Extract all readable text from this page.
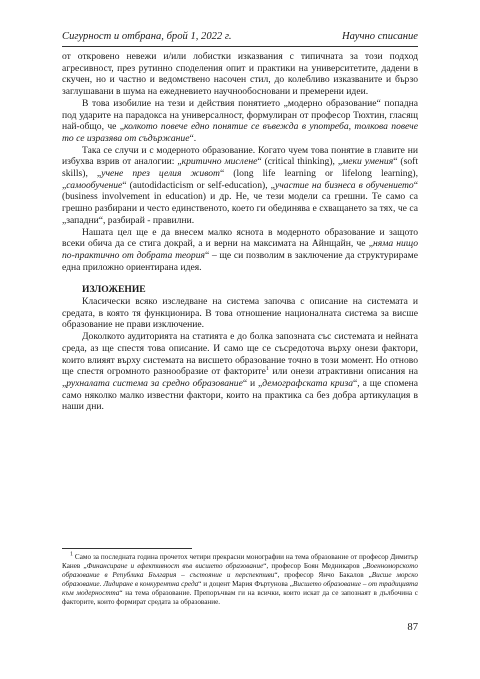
Сигурност и отбрана, брой 1, 2022 г.	Научно списание

от откровено невежи и/или лобистки изказвания с типичната за този подход агресивност, през рутинно споделения опит и практики на университетите, дадени в скучен, но и частно и ведомствено насочен стил, до колебливо изказваните и бързо заглушавани в шума на ежедневието научнообосновани и премерени идеи.

В това изобилие на тези и действия понятието „модерно образование“ попадна под ударите на парадокса на универсалност, формулиран от професор Тюхтин, гласящ най-общо, че „колкото повече едно понятие се въвежда в употреба, толкова повече то се изразява от съдържание“.

Така се случи и с модерното образование. Когато чуем това понятие в главите ни избухва взрив от аналогии: „критично мислене“ (critical thinking), „меки умения“ (soft skills), „учене през целия живот“ (long life learning or lifelong learning), „самообучение“ (autodidacticism or self-education), „участие на бизнеса в обучението“ (business involvement in education) и др. Не, че тези модели са грешни. Те само са грешно разбирани и често единственото, което ги обединява е схващането за тях, че са „западни“, разбирай - правилни.

Нашата цел ще е да внесем малко яснота в модерното образование и защото всеки обича да се стига докрай, а и верни на максимата на Айнщайн, че „няма нищо по-практично от добрата теория“ – ще си позволим в заключение да структурираме една приложно ориентирана идея.

ИЗЛОЖЕНИЕ

Класически всяко изследване на система започва с описание на системата и средата, в която тя функционира. В това отношение националната система за висше образование не прави изключение.

Доколкото аудиторията на статията е до болка запозната със системата и нейната среда, аз ще спестя това описание. И само ще се съсредоточа върху онези фактори, които влияят върху системата на висшето образование точно в този момент. Но отново ще спестя огромното разнообразие от факторите$^1$ или онези атрактивни описания на „рухналата система за средно образование“ и „демографската криза“, а ще спомена само няколко малко известни фактори, които на практика са без добра артикулация в наши дни.

$^1$ Само за последната година прочетох четири прекрасни монографии на тема образование от професор Димитър Канев „Финансиране и ефективност във висшето образование“, професор Боян Медникаров „Военноморското образование в Република България – състояние и перспективи“, професор Янчо Бакалов „Висше морско образование. Лидиране в конкурентна среда“ и доцент Мария Фъртунова „Висшето образование – от традицията към модерността“ на тема образование. Препоръчвам ги на всички, които искат да се запознаят в дълбочина с факторите, които формират средата за образование.

87
